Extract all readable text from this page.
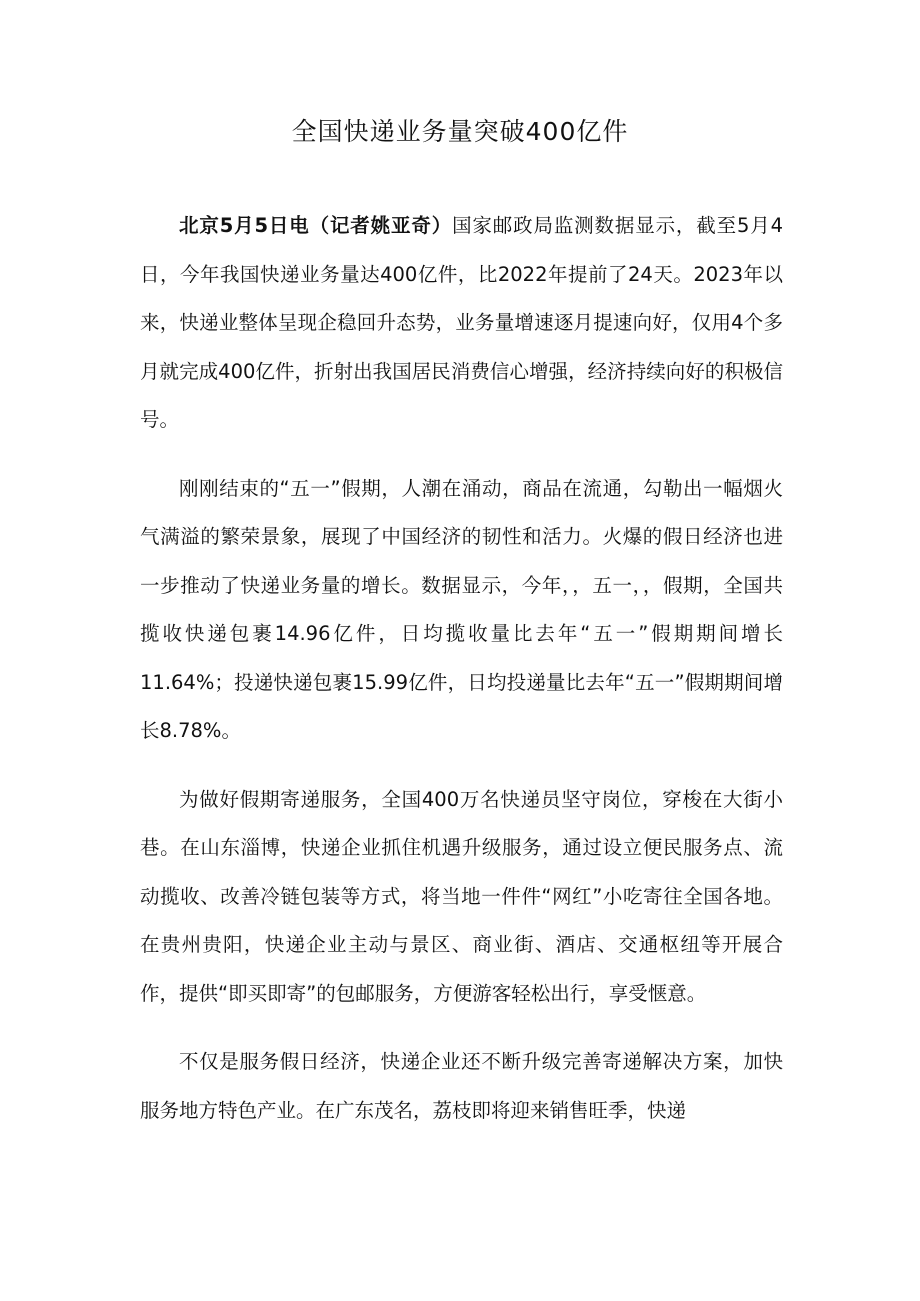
全国快递业务量突破400亿件

北京5月5日电（记者姚亚奇）国家邮政局监测数据显示，截至5月4日，今年我国快递业务量达400亿件，比2022年提前了24天。2023年以来，快递业整体呈现企稳回升态势，业务量增速逐月提速向好，仅用4个多月就完成400亿件，折射出我国居民消费信心增强，经济持续向好的积极信号。

刚刚结束的“五一”假期，人潮在涌动，商品在流通，勾勒出一幅烟火气满溢的繁荣景象，展现了中国经济的韧性和活力。火爆的假日经济也进一步推动了快递业务量的增长。数据显示，今年，，五一，，假期，全国共揽收快递包裹14.96亿件，日均揽收量比去年“五一”假期期间增长11.64%；投递快递包裹15.99亿件，日均投递量比去年“五一”假期期间增长8.78%。

为做好假期寄递服务，全国400万名快递员坚守岗位，穿梭在大街小巷。在山东淄博，快递企业抓住机遇升级服务，通过设立便民服务点、流动揽收、改善冷链包装等方式，将当地一件件“网红”小吃寄往全国各地。在贵州贵阳，快递企业主动与景区、商业街、酒店、交通枢纽等开展合作，提供“即买即寄”的包邮服务，方便游客轻松出行，享受惬意。

不仅是服务假日经济，快递企业还不断升级完善寄递解决方案，加快服务地方特色产业。在广东茂名，荔枝即将迎来销售旺季，快递
